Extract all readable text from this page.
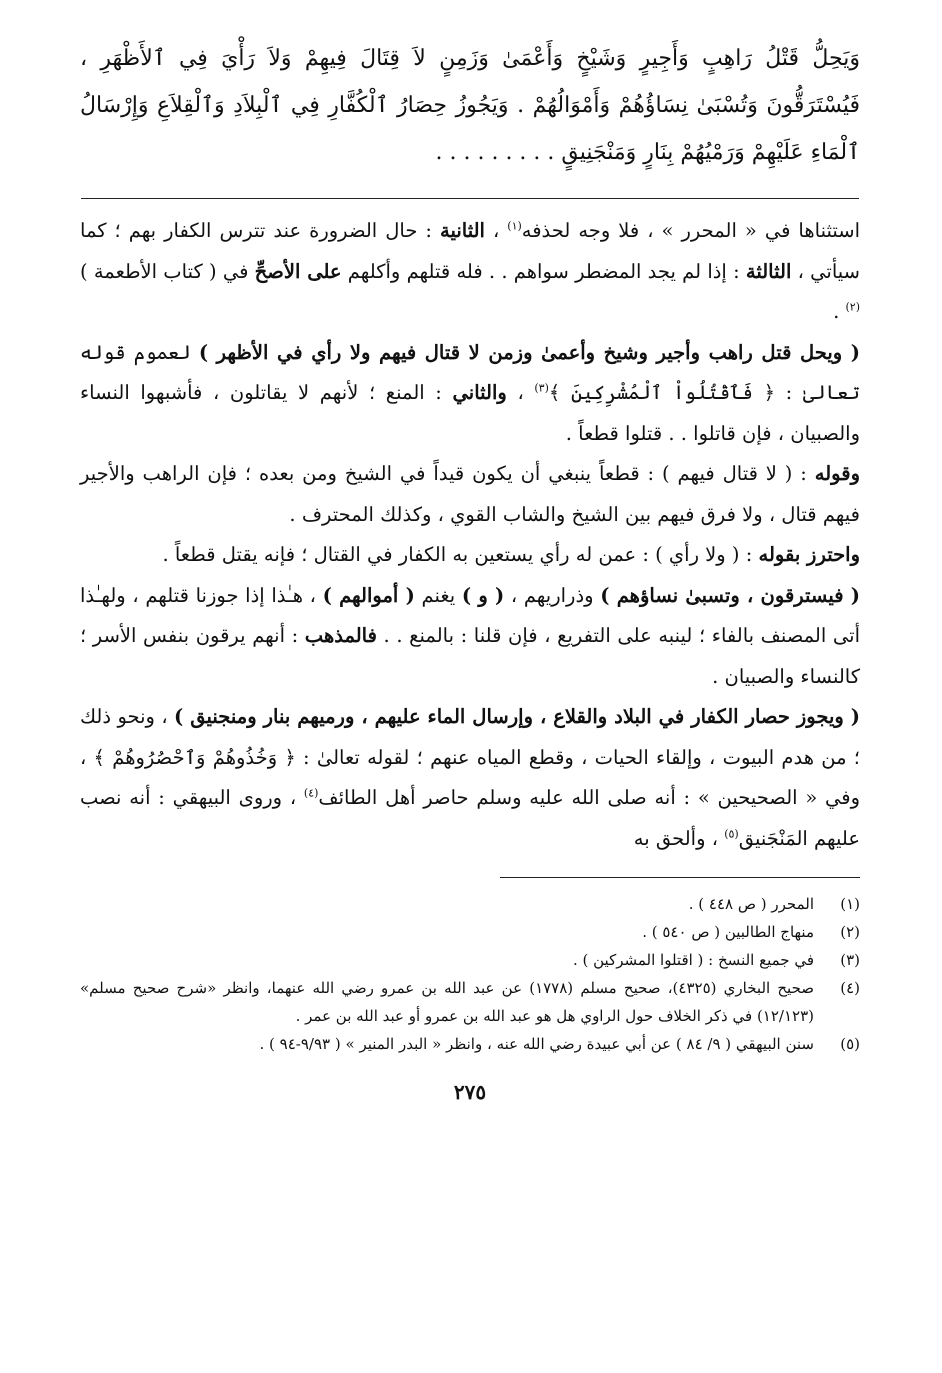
وَيَحِلُّ قَتْلُ رَاهِبٍ وَأَجِيرٍ وَشَيْخٍ وَأَعْمَىٰ وَزَمِنٍ لاَ قِتَالَ فِيهِمْ وَلاَ رَأْيَ فِي ٱلأَظْهَرِ ، فَيُسْتَرَقُّونَ وَتُسْبَىٰ نِسَاؤُهُمْ وَأَمْوَالُهُمْ . وَيَجُوزُ حِصَارُ ٱلْكُفَّارِ فِي ٱلْبِلاَدِ وَٱلْقِلاَعِ وَإِرْسَالُ ٱلْمَاءِ عَلَيْهِمْ وَرَمْيُهُمْ بِنَارٍ وَمَنْجَنِيقٍ . . . . . . . . .

استثناها في « المحرر » ، فلا وجه لحذفه$^{(١)}$ ، الثانية : حال الضرورة عند تترس الكفار بهم ؛ كما سيأتي ، الثالثة : إذا لم يجد المضطر سواهم . . فله قتلهم وأكلهم على الأصحِّ في ( كتاب الأطعمة )$^{(٢)}$ .

( ويحل قتل راهب وأجير وشيخ وأعمىٰ وزمن لا قتال فيهم ولا رأي في الأظهر ) لعموم قوله تعالىٰ : ﴿ فَٱقْتُلُواْ ٱلْمُشْرِكِينَ ﴾$^{(٣)}$ ، والثاني : المنع ؛ لأنهم لا يقاتلون ، فأشبهوا النساء والصبيان ، فإن قاتلوا . . قتلوا قطعاً .

وقوله : ( لا قتال فيهم ) : قطعاً ينبغي أن يكون قيداً في الشيخ ومن بعده ؛ فإن الراهب والأجير فيهم قتال ، ولا فرق فيهم بين الشيخ والشاب القوي ، وكذلك المحترف .

واحترز بقوله : ( ولا رأي ) : عمن له رأي يستعين به الكفار في القتال ؛ فإنه يقتل قطعاً .

( فيسترقون ، وتسبىٰ نساؤهم ) وذراريهم ، ( و ) يغنم ( أموالهم ) ، هـٰذا إذا جوزنا قتلهم ، ولهـٰذا أتى المصنف بالفاء ؛ لينبه على التفريع ، فإن قلنا : بالمنع . . فالمذهب : أنهم يرقون بنفس الأسر ؛ كالنساء والصبيان .

( ويجوز حصار الكفار في البلاد والقلاع ، وإرسال الماء عليهم ، ورميهم بنار ومنجنيق ) ، ونحو ذلك ؛ من هدم البيوت ، وإلقاء الحيات ، وقطع المياه عنهم ؛ لقوله تعالىٰ : ﴿ وَخُذُوهُمْ وَٱحْصُرُوهُمْ ﴾ ، وفي « الصحيحين » : أنه صلى الله عليه وسلم حاصر أهل الطائف$^{(٤)}$ ، وروى البيهقي : أنه نصب عليهم المَنْجَنيق$^{(٥)}$ ، وألحق به

(١)
المحرر ( ص ٤٤٨ ) .
(٢)
منهاج الطالبين ( ص ٥٤٠ ) .
(٣)
في جميع النسخ : ( اقتلوا المشركين ) .
(٤)
صحيح البخاري (٤٣٢٥)، صحيح مسلم (١٧٧٨) عن عبد الله بن عمرو رضي الله عنهما، وانظر «شرح صحيح مسلم» (١٢/١٢٣) في ذكر الخلاف حول الراوي هل هو عبد الله بن عمرو أو عبد الله بن عمر .
(٥)
سنن البيهقي ( ٩/ ٨٤ ) عن أبي عبيدة رضي الله عنه ، وانظر « البدر المنير » ( ٩/٩٣-٩٤ ) .
٢٧٥
